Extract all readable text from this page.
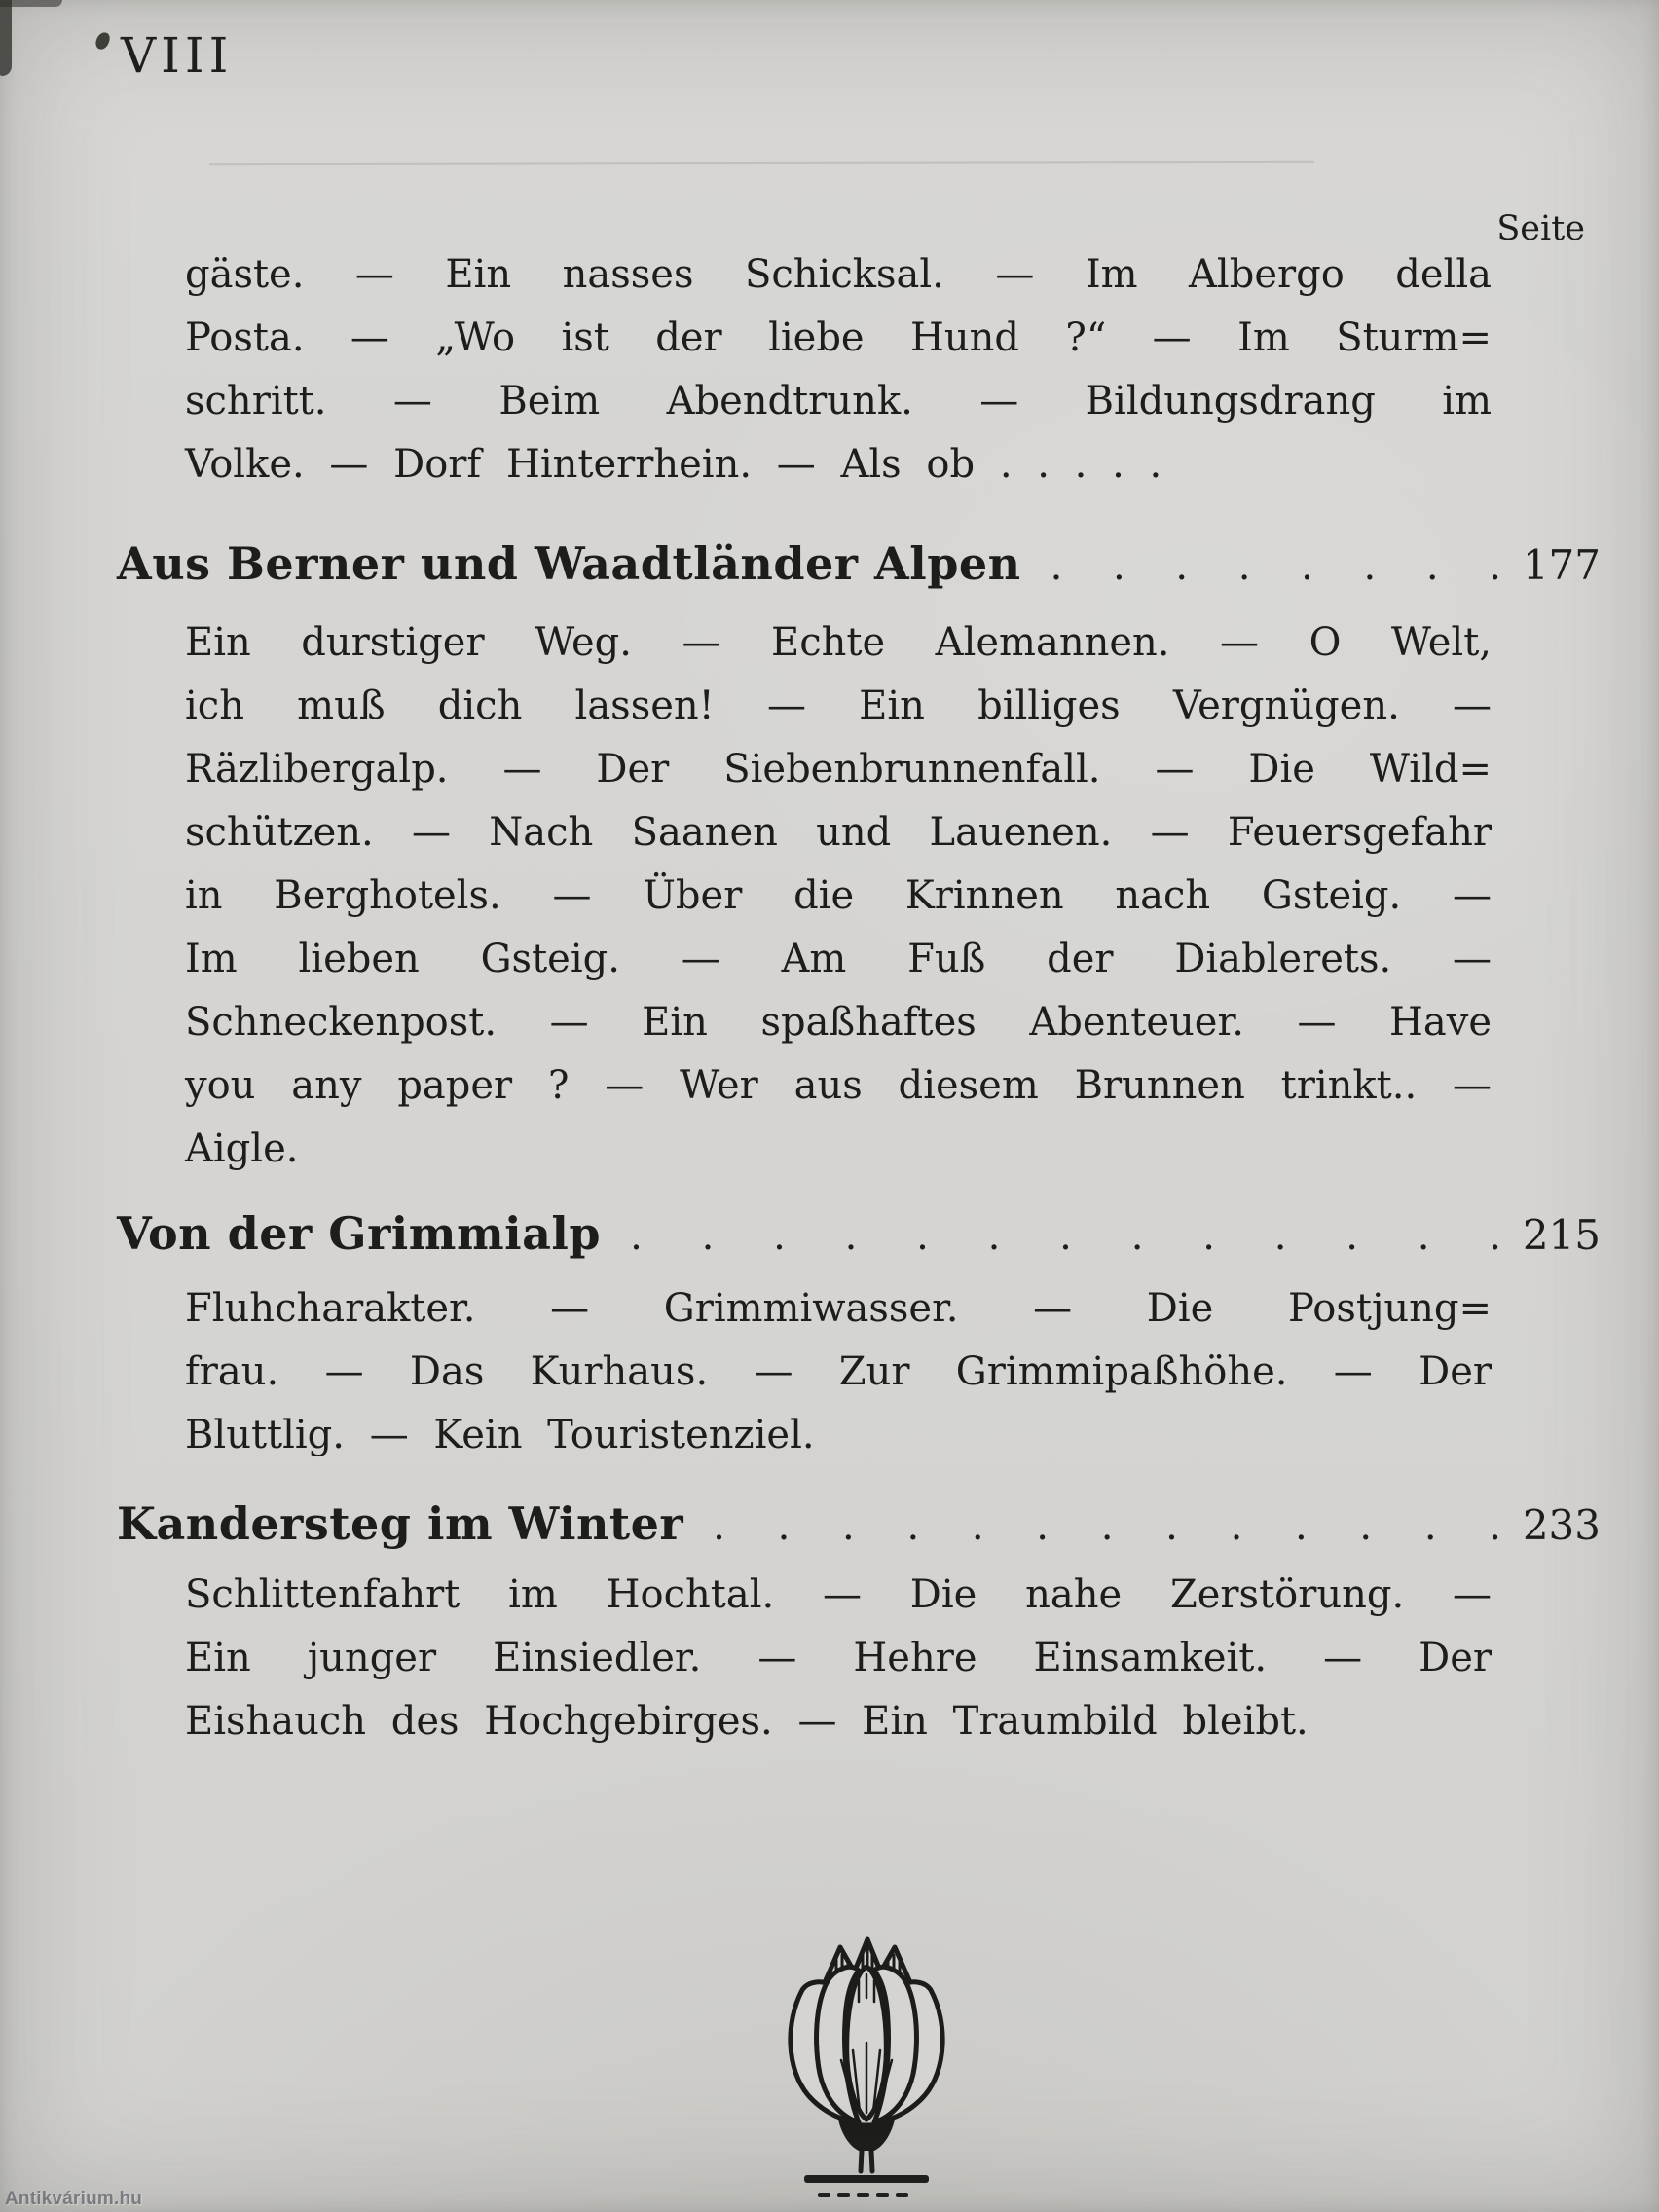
VIII
Seite
gäste. — Ein nasses Schicksal. — Im Albergo della
Posta. — „Wo ist der liebe Hund ?“ — Im Sturm=
schritt. — Beim Abendtrunk. — Bildungsdrang im
Volke. — Dorf Hinterrhein. — Als ob . . . . .
Aus Berner und Waadtländer Alpen . . . . . . . . 177
Ein durstiger Weg. — Echte Alemannen. — O Welt,
ich muß dich lassen! — Ein billiges Vergnügen. —
Räzlibergalp. — Der Siebenbrunnenfall. — Die Wild=
schützen. — Nach Saanen und Lauenen. — Feuersgefahr
in Berghotels. — Über die Krinnen nach Gsteig. —
Im lieben Gsteig. — Am Fuß der Diablerets. —
Schneckenpost. — Ein spaßhaftes Abenteuer. — Have
you any paper ? — Wer aus diesem Brunnen trinkt.. —
Aigle.
Von der Grimmialp . . . . . . . . . . . . . 215
Fluhcharakter. — Grimmiwasser. — Die Postjung=
frau. — Das Kurhaus. — Zur Grimmipaßhöhe. — Der
Bluttlig. — Kein Touristenziel.
Kandersteg im Winter . . . . . . . . . . . . . 233
Schlittenfahrt im Hochtal. — Die nahe Zerstörung. —
Ein junger Einsiedler. — Hehre Einsamkeit. — Der
Eishauch des Hochgebirges. — Ein Traumbild bleibt.
Antikvárium.hu
